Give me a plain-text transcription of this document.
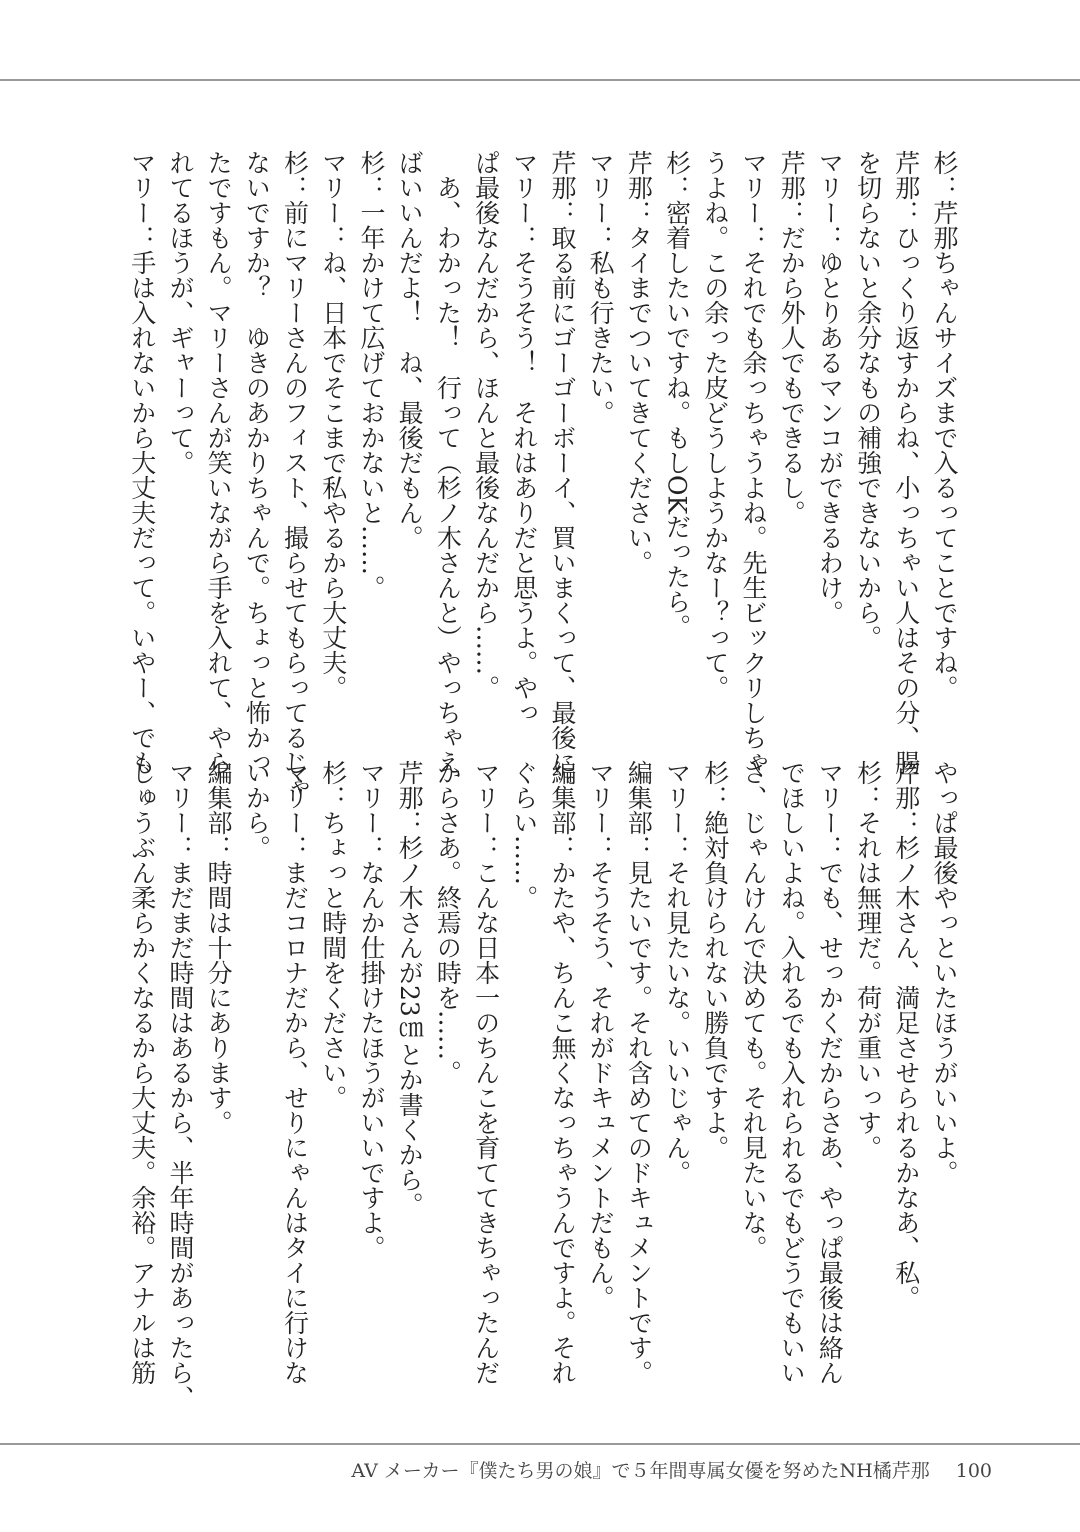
杉：芹那ちゃんサイズまで入るってことですね。
芹那：ひっくり返すからね、小っちゃい人はその分、腸
を切らないと余分なもの補強できないから。
マリー：ゆとりあるマンコができるわけ。
芹那：だから外人でもできるし。
マリー：それでも余っちゃうよね。先生ビックリしちゃ
うよね。この余った皮どうしようかなー？って。
杉：密着したいですね。もしOKだったら。
芹那：タイまでついてきてください。
マリー：私も行きたい。
芹那：取る前にゴーゴーボーイ、買いまくって、最後に。
マリー：そうそう！　それはありだと思うよ。やっ
ぱ最後なんだから、ほんと最後なんだから……。
　あ、わかった！　行って（杉ノ木さんと）やっちゃえ
ばいいんだよ！　ね、最後だもん。
杉：一年かけて広げておかないと……。
マリー：ね、日本でそこまで私やるから大丈夫。
杉：前にマリーさんのフィスト、撮らせてもらってるじゃ
ないですか？　ゆきのあかりちゃんで。ちょっと怖かっ
たですもん。マリーさんが笑いながら手を入れて、やら
れてるほうが、ギャーって。
マリー：手は入れないから大丈夫だって。いやー、でも
やっぱ最後やっといたほうがいいよ。
芹那：杉ノ木さん、満足させられるかなあ、私。
杉：それは無理だ。荷が重いっす。
マリー：でも、せっかくだからさあ、やっぱ最後は絡ん
でほしいよね。入れるでも入れられるでもどうでもいい
さ、じゃんけんで決めても。それ見たいな。
杉：絶対負けられない勝負ですよ。
マリー：それ見たいな。いいじゃん。
編集部：見たいです。それ含めてのドキュメントです。
マリー：そうそう、それがドキュメントだもん。
編集部：かたや、ちんこ無くなっちゃうんですよ。それ
ぐらい……。
マリー：こんな日本一のちんこを育ててきちゃったんだ
からさあ。終焉の時を……。
芹那：杉ノ木さんが23㎝とか書くから。
マリー：なんか仕掛けたほうがいいですよ。
杉：ちょっと時間をください。
マリー：まだコロナだから、せりにゃんはタイに行けな
いから。
編集部：時間は十分にあります。
マリー：まだまだ時間はあるから、半年時間があったら、
じゅうぶん柔らかくなるから大丈夫。余裕。アナルは筋
AV メーカー『僕たち男の娘』で５年間専属女優を努めたNH橘芹那 100
